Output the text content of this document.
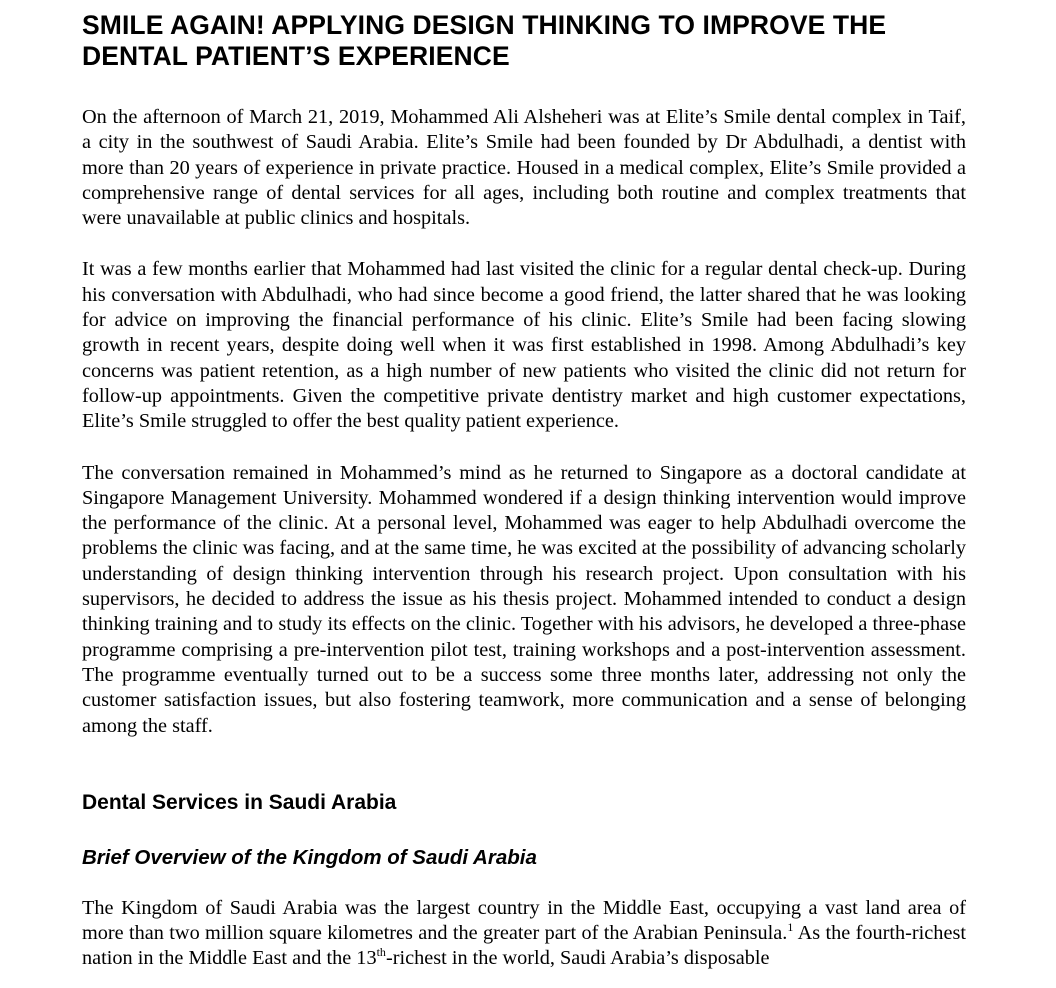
SMILE AGAIN! APPLYING DESIGN THINKING TO IMPROVE THE DENTAL PATIENT’S EXPERIENCE

On the afternoon of March 21, 2019, Mohammed Ali Alsheheri was at Elite’s Smile dental complex in Taif, a city in the southwest of Saudi Arabia. Elite’s Smile had been founded by Dr Abdulhadi, a dentist with more than 20 years of experience in private practice. Housed in a medical complex, Elite’s Smile provided a comprehensive range of dental services for all ages, including both routine and complex treatments that were unavailable at public clinics and hospitals.

It was a few months earlier that Mohammed had last visited the clinic for a regular dental check-up. During his conversation with Abdulhadi, who had since become a good friend, the latter shared that he was looking for advice on improving the financial performance of his clinic. Elite’s Smile had been facing slowing growth in recent years, despite doing well when it was first established in 1998. Among Abdulhadi’s key concerns was patient retention, as a high number of new patients who visited the clinic did not return for follow-up appointments. Given the competitive private dentistry market and high customer expectations, Elite’s Smile struggled to offer the best quality patient experience.

The conversation remained in Mohammed’s mind as he returned to Singapore as a doctoral candidate at Singapore Management University. Mohammed wondered if a design thinking intervention would improve the performance of the clinic. At a personal level, Mohammed was eager to help Abdulhadi overcome the problems the clinic was facing, and at the same time, he was excited at the possibility of advancing scholarly understanding of design thinking intervention through his research project. Upon consultation with his supervisors, he decided to address the issue as his thesis project. Mohammed intended to conduct a design thinking training and to study its effects on the clinic. Together with his advisors, he developed a three-phase programme comprising a pre-intervention pilot test, training workshops and a post-intervention assessment. The programme eventually turned out to be a success some three months later, addressing not only the customer satisfaction issues, but also fostering teamwork, more communication and a sense of belonging among the staff.

Dental Services in Saudi Arabia
Brief Overview of the Kingdom of Saudi Arabia

The Kingdom of Saudi Arabia was the largest country in the Middle East, occupying a vast land area of more than two million square kilometres and the greater part of the Arabian Peninsula.$^1$ As the fourth-richest nation in the Middle East and the 13th-richest in the world, Saudi Arabia’s disposable
